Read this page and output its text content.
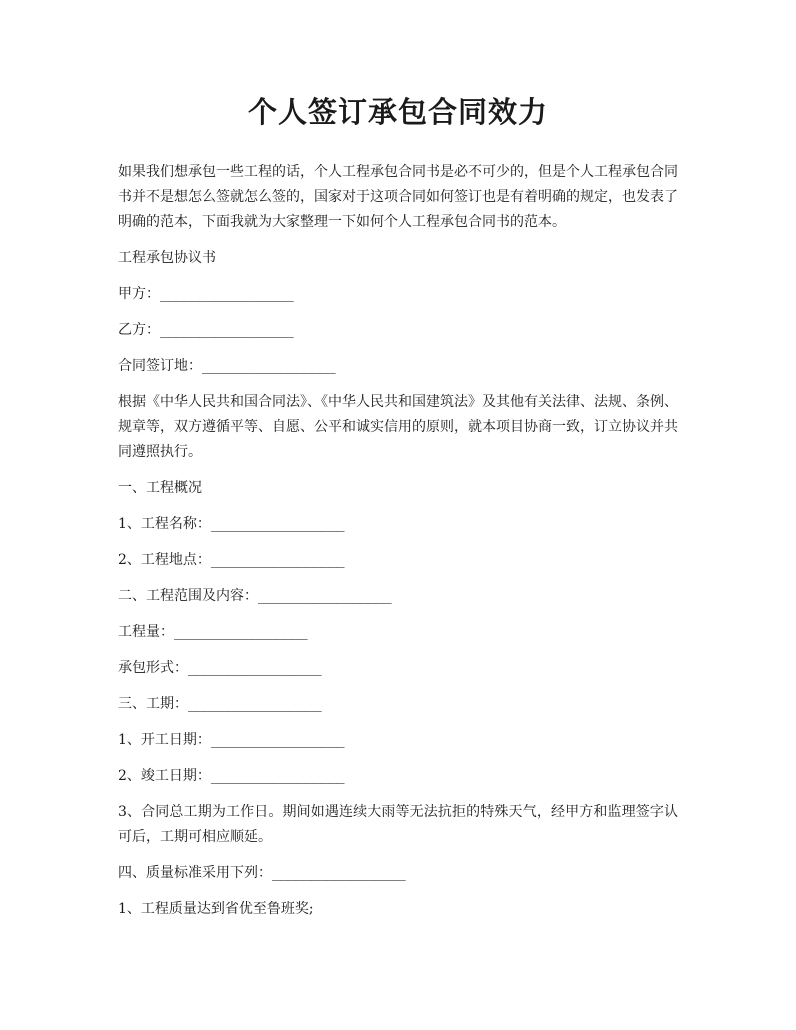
个人签订承包合同效力

如果我们想承包一些工程的话，个人工程承包合同书是必不可少的，但是个人工程承包合同书并不是想怎么签就怎么签的，国家对于这项合同如何签订也是有着明确的规定，也发表了明确的范本，下面我就为大家整理一下如何个人工程承包合同书的范本。

工程承包协议书

甲方：_________________

乙方：_________________

合同签订地：_________________

根据《中华人民共和国合同法》、《中华人民共和国建筑法》及其他有关法律、法规、条例、规章等，双方遵循平等、自愿、公平和诚实信用的原则，就本项目协商一致，订立协议并共同遵照执行。

一、工程概况

1、工程名称：_________________

2、工程地点：_________________

二、工程范围及内容：_________________

工程量：_________________

承包形式：_________________

三、工期：_________________

1、开工日期：_________________

2、竣工日期：_________________

3、合同总工期为工作日。期间如遇连续大雨等无法抗拒的特殊天气，经甲方和监理签字认可后，工期可相应顺延。

四、质量标准采用下列：_________________

1、工程质量达到省优至鲁班奖;
